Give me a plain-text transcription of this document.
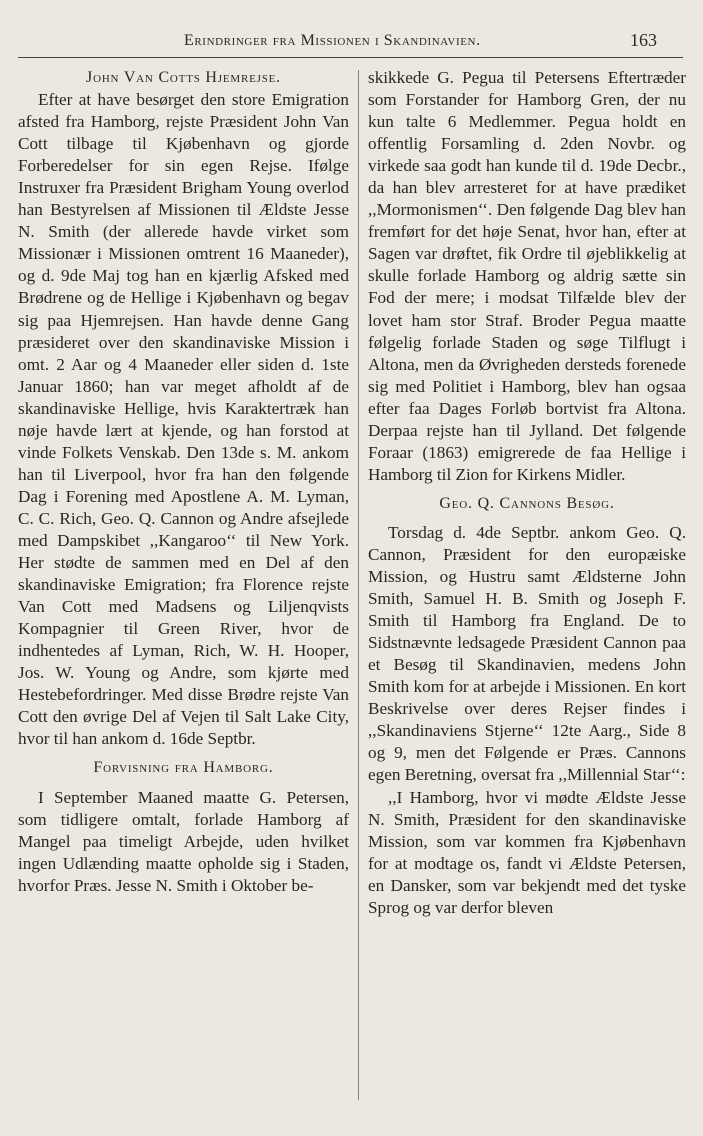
Erindringer fra Missionen i Skandinavien.	163
John Van Cotts Hjemrejse.

Efter at have besørget den store Emigration afsted fra Hamborg, rejste Præsident John Van Cott tilbage til Kjøbenhavn og gjorde Forberedelser for sin egen Rejse. Ifølge Instruxer fra Præsident Brigham Young overlod han Bestyrelsen af Missionen til Ældste Jesse N. Smith (der allerede havde virket som Missionær i Missionen omtrent 16 Maaneder), og d. 9de Maj tog han en kjærlig Afsked med Brødrene og de Hellige i Kjøbenhavn og begav sig paa Hjemrejsen. Han havde denne Gang præsideret over den skandinaviske Mission i omt. 2 Aar og 4 Maaneder eller siden d. 1ste Januar 1860; han var meget afholdt af de skandinaviske Hellige, hvis Karaktertræk han nøje havde lært at kjende, og han forstod at vinde Folkets Venskab. Den 13de s. M. ankom han til Liverpool, hvor fra han den følgende Dag i Forening med Apostlene A. M. Lyman, C. C. Rich, Geo. Q. Cannon og Andre afsejlede med Dampskibet ,,Kangaroo‘‘ til New York. Her stødte de sammen med en Del af den skandinaviske Emigration; fra Florence rejste Van Cott med Madsens og Liljenqvists Kompagnier til Green River, hvor de indhentedes af Lyman, Rich, W. H. Hooper, Jos. W. Young og Andre, som kjørte med Hestebefordringer. Med disse Brødre rejste Van Cott den øvrige Del af Vejen til Salt Lake City, hvor til han ankom d. 16de Septbr.

Forvisning fra Hamborg.

I September Maaned maatte G. Petersen, som tidligere omtalt, forlade Hamborg af Mangel paa timeligt Arbejde, uden hvilket ingen Udlænding maatte opholde sig i Staden, hvorfor Præs. Jesse N. Smith i Oktober be-

skikkede G. Pegua til Petersens Eftertræder som Forstander for Hamborg Gren, der nu kun talte 6 Medlemmer. Pegua holdt en offentlig Forsamling d. 2den Novbr. og virkede saa godt han kunde til d. 19de Decbr., da han blev arresteret for at have prædiket ,,Mormonismen‘‘. Den følgende Dag blev han fremført for det høje Senat, hvor han, efter at Sagen var drøftet, fik Ordre til øjeblikkelig at skulle forlade Hamborg og aldrig sætte sin Fod der mere; i modsat Tilfælde blev der lovet ham stor Straf. Broder Pegua maatte følgelig forlade Staden og søge Tilflugt i Altona, men da Øvrigheden dersteds forenede sig med Politiet i Hamborg, blev han ogsaa efter faa Dages Forløb bortvist fra Altona. Derpaa rejste han til Jylland. Det følgende Foraar (1863) emigrerede de faa Hellige i Hamborg til Zion for Kirkens Midler.

Geo. Q. Cannons Besøg.

Torsdag d. 4de Septbr. ankom Geo. Q. Cannon, Præsident for den europæiske Mission, og Hustru samt Ældsterne John Smith, Samuel H. B. Smith og Joseph F. Smith til Hamborg fra England. De to Sidstnævnte ledsagede Præsident Cannon paa et Besøg til Skandinavien, medens John Smith kom for at arbejde i Missionen. En kort Beskrivelse over deres Rejser findes i ,,Skandinaviens Stjerne‘‘ 12te Aarg., Side 8 og 9, men det Følgende er Præs. Cannons egen Beretning, oversat fra ,,Millennial Star‘‘:

,,I Hamborg, hvor vi mødte Ældste Jesse N. Smith, Præsident for den skandinaviske Mission, som var kommen fra Kjøbenhavn for at modtage os, fandt vi Ældste Petersen, en Dansker, som var bekjendt med det tyske Sprog og var derfor bleven
